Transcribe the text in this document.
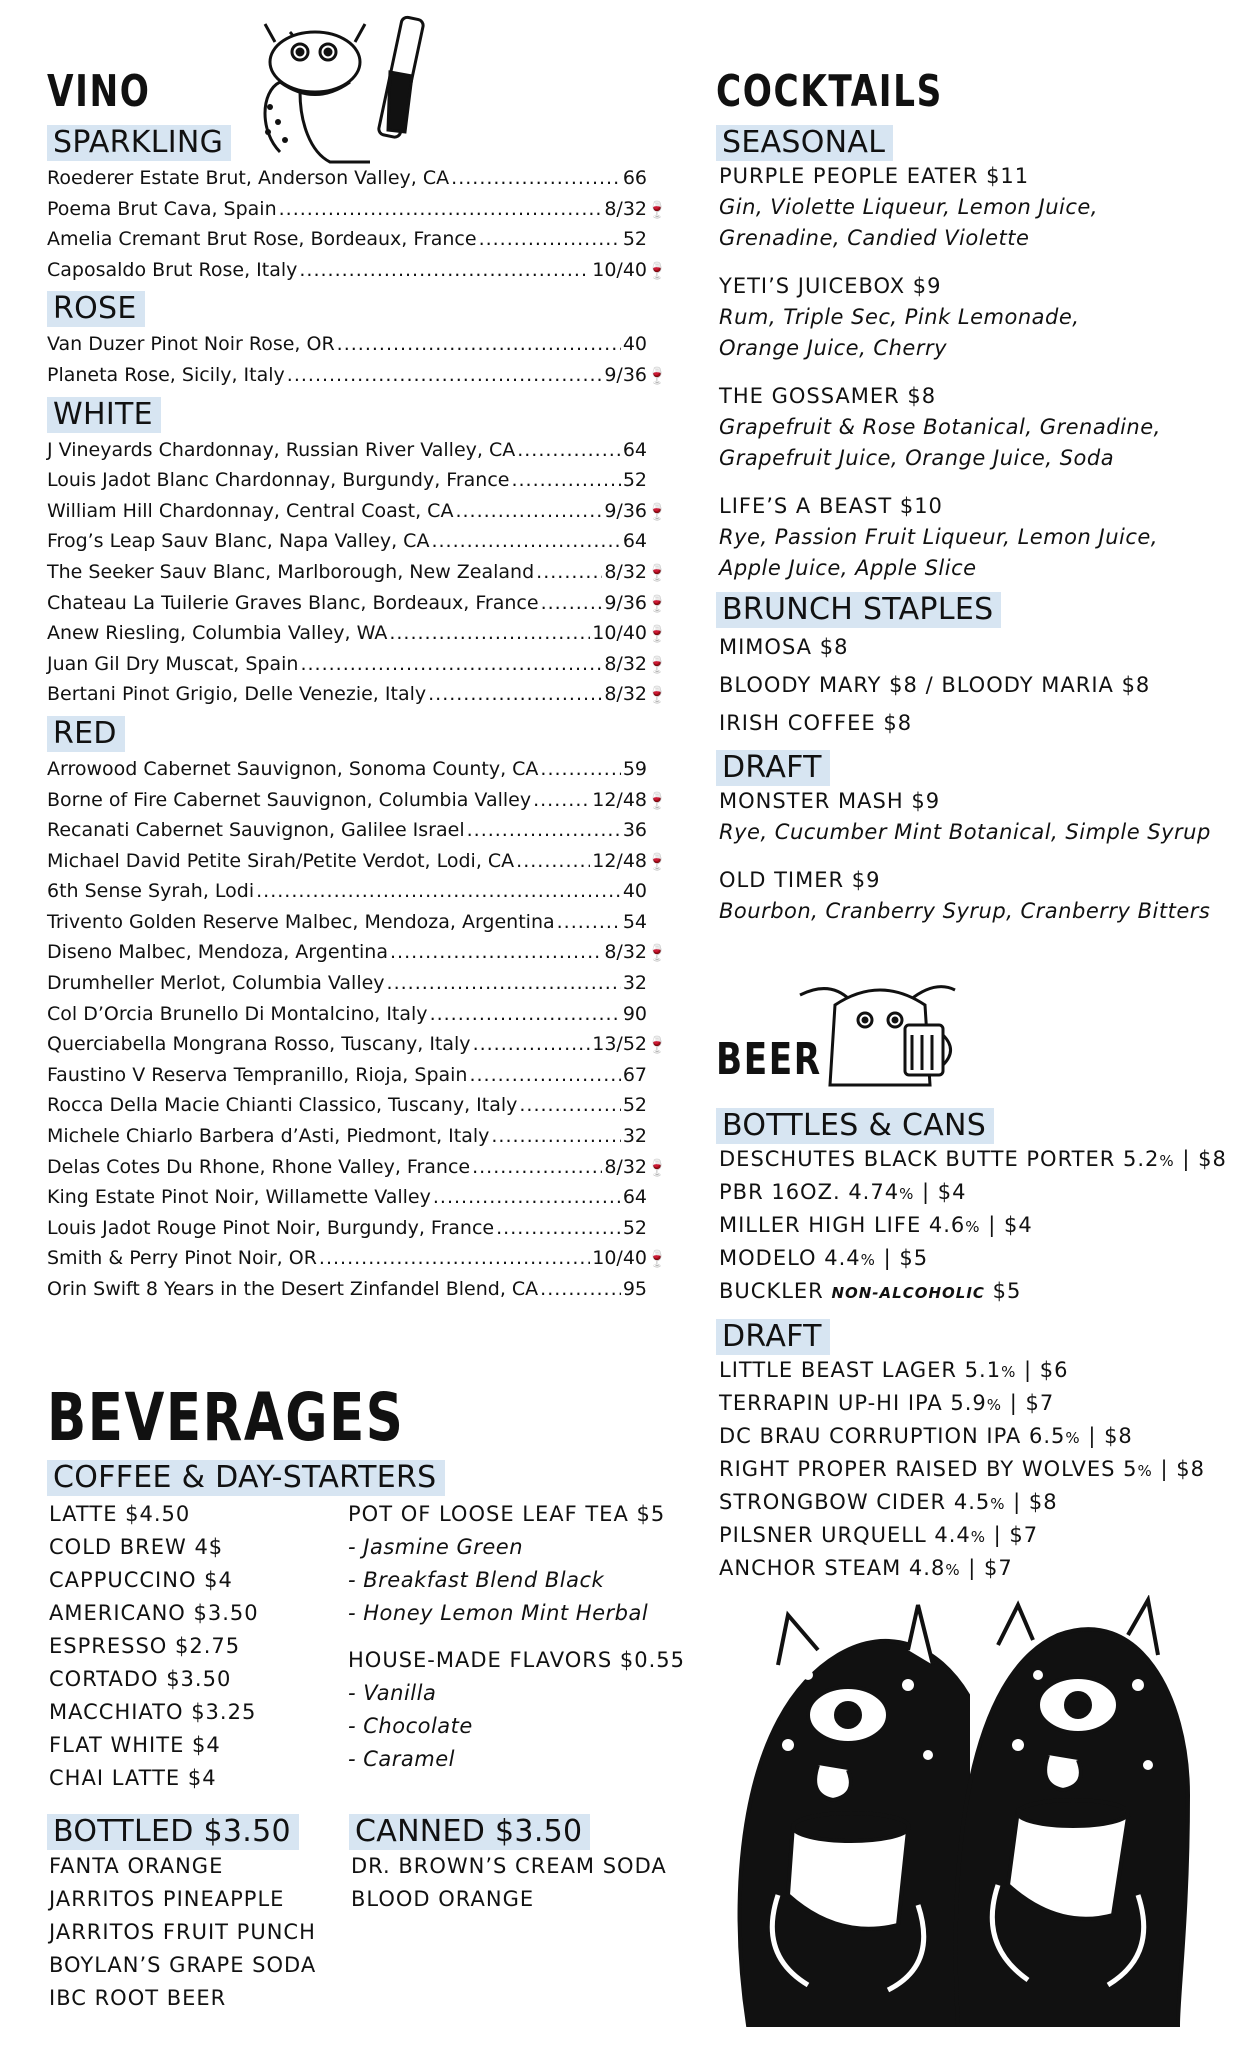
VINO
SPARKLING
Roederer Estate Brut, Anderson Valley, CA .....	66
Poema Brut Cava, Spain .....	8/32 🍷
Amelia Cremant Brut Rose, Bordeaux, France .....	52
Caposaldo Brut Rose, Italy .....	10/40 🍷
ROSE
Van Duzer Pinot Noir Rose, OR .....	40
Planeta Rose, Sicily, Italy .....	9/36 🍷
WHITE
J Vineyards Chardonnay, Russian River Valley, CA .....	64
Louis Jadot Blanc Chardonnay, Burgundy, France .....	52
William Hill Chardonnay, Central Coast, CA .....	9/36 🍷
Frog’s Leap Sauv Blanc, Napa Valley, CA .....	64
The Seeker Sauv Blanc, Marlborough, New Zealand .....	8/32 🍷
Chateau La Tuilerie Graves Blanc, Bordeaux, France .....	9/36 🍷
Anew Riesling, Columbia Valley, WA .....	10/40 🍷
Juan Gil Dry Muscat, Spain .....	8/32 🍷
Bertani Pinot Grigio, Delle Venezie, Italy .....	8/32 🍷
RED
Arrowood Cabernet Sauvignon, Sonoma County, CA .....	59
Borne of Fire Cabernet Sauvignon, Columbia Valley .....	12/48 🍷
Recanati Cabernet Sauvignon, Galilee Israel .....	36
Michael David Petite Sirah/Petite Verdot, Lodi, CA .....	12/48 🍷
6th Sense Syrah, Lodi .....	40
Trivento Golden Reserve Malbec, Mendoza, Argentina .....	54
Diseno Malbec, Mendoza, Argentina .....	8/32 🍷
Drumheller Merlot, Columbia Valley .....	32
Col D’Orcia Brunello Di Montalcino, Italy .....	90
Querciabella Mongrana Rosso, Tuscany, Italy .....	13/52 🍷
Faustino V Reserva Tempranillo, Rioja, Spain .....	67
Rocca Della Macie Chianti Classico, Tuscany, Italy .....	52
Michele Chiarlo Barbera d’Asti, Piedmont, Italy .....	32
Delas Cotes Du Rhone, Rhone Valley, France .....	8/32 🍷
King Estate Pinot Noir, Willamette Valley .....	64
Louis Jadot Rouge Pinot Noir, Burgundy, France .....	52
Smith & Perry Pinot Noir, OR .....	10/40 🍷
Orin Swift 8 Years in the Desert Zinfandel Blend, CA .....	95
BEVERAGES
COFFEE & DAY-STARTERS
LATTE $4.50
COLD BREW 4$
CAPPUCCINO $4
AMERICANO $3.50
ESPRESSO $2.75
CORTADO $3.50
MACCHIATO $3.25
FLAT WHITE $4
CHAI LATTE $4
POT OF LOOSE LEAF TEA $5
- Jasmine Green
- Breakfast Blend Black
- Honey Lemon Mint Herbal
HOUSE-MADE FLAVORS $0.55
- Vanilla
- Chocolate
- Caramel
BOTTLED $3.50
FANTA ORANGE
JARRITOS PINEAPPLE
JARRITOS FRUIT PUNCH
BOYLAN’S GRAPE SODA
IBC ROOT BEER
CANNED $3.50
DR. BROWN’S CREAM SODA
BLOOD ORANGE
COCKTAILS
SEASONAL
PURPLE PEOPLE EATER $11
Gin, Violette Liqueur, Lemon Juice,
Grenadine, Candied Violette
YETI’S JUICEBOX $9
Rum, Triple Sec, Pink Lemonade,
Orange Juice, Cherry
THE GOSSAMER $8
Grapefruit & Rose Botanical, Grenadine,
Grapefruit Juice, Orange Juice, Soda
LIFE’S A BEAST $10
Rye, Passion Fruit Liqueur, Lemon Juice,
Apple Juice, Apple Slice
BRUNCH STAPLES
MIMOSA $8
BLOODY MARY $8 / BLOODY MARIA $8
IRISH COFFEE $8
DRAFT
MONSTER MASH $9
Rye, Cucumber Mint Botanical, Simple Syrup
OLD TIMER $9
Bourbon, Cranberry Syrup, Cranberry Bitters
BEER
BOTTLES & CANS
DESCHUTES BLACK BUTTE PORTER 5.2% | $8
PBR 16OZ. 4.74% | $4
MILLER HIGH LIFE 4.6% | $4
MODELO 4.4% | $5
BUCKLER NON-ALCOHOLIC $5
DRAFT
LITTLE BEAST LAGER 5.1% | $6
TERRAPIN UP-HI IPA 5.9% | $7
DC BRAU CORRUPTION IPA 6.5% | $8
RIGHT PROPER RAISED BY WOLVES 5% | $8
STRONGBOW CIDER 4.5% | $8
PILSNER URQUELL 4.4% | $7
ANCHOR STEAM 4.8% | $7
